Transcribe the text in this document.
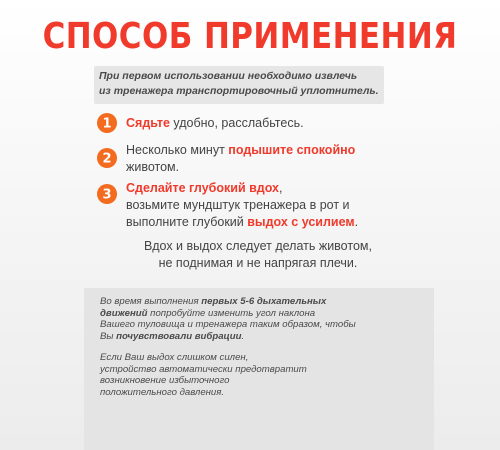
СПОСОБ ПРИМЕНЕНИЯ
При первом использовании необходимо извлечь
из тренажера транспортировочный уплотнитель.
1 Сядьте удобно, расслабьтесь.
2
Несколько минут подышите спокойно
животом.
3 Сделайте глубокий вдох,
возьмите мундштук тренажера в рот и
выполните глубокий выдох с усилием.
Вдох и выдох следует делать животом,
не поднимая и не напрягая плечи.
Во время выполнения первых 5-6 дыхательных
движений попробуйте изменить угол наклона
Вашего туловища и тренажера таким образом, чтобы
Вы почувствовали вибрации.
Если Ваш выдох слишком силен,
устройство автоматически предотвратит
возникновение избыточного
положительного давления.
